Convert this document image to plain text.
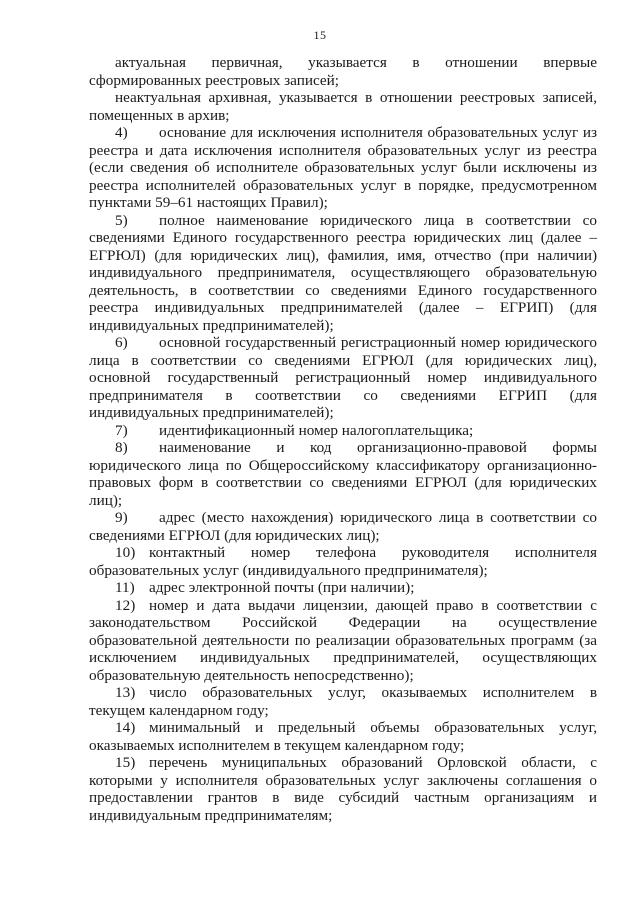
15

актуальная первичная, указывается в отношении впервые сформированных реестровых записей;

неактуальная архивная, указывается в отношении реестровых записей, помещенных в архив;

4) основание для исключения исполнителя образовательных услуг из реестра и дата исключения исполнителя образовательных услуг из реестра (если сведения об исполнителе образовательных услуг были исключены из реестра исполнителей образовательных услуг в порядке, предусмотренном пунктами 59–61 настоящих Правил);

5) полное наименование юридического лица в соответствии со сведениями Единого государственного реестра юридических лиц (далее – ЕГРЮЛ) (для юридических лиц), фамилия, имя, отчество (при наличии) индивидуального предпринимателя, осуществляющего образовательную деятельность, в соответствии со сведениями Единого государственного реестра индивидуальных предпринимателей (далее – ЕГРИП) (для индивидуальных предпринимателей);

6) основной государственный регистрационный номер юридического лица в соответствии со сведениями ЕГРЮЛ (для юридических лиц), основной государственный регистрационный номер индивидуального предпринимателя в соответствии со сведениями ЕГРИП (для индивидуальных предпринимателей);

7) идентификационный номер налогоплательщика;

8) наименование и код организационно-правовой формы юридического лица по Общероссийскому классификатору организационно-правовых форм в соответствии со сведениями ЕГРЮЛ (для юридических лиц);

9) адрес (место нахождения) юридического лица в соответствии со сведениями ЕГРЮЛ (для юридических лиц);

10) контактный номер телефона руководителя исполнителя образовательных услуг (индивидуального предпринимателя);

11) адрес электронной почты (при наличии);

12) номер и дата выдачи лицензии, дающей право в соответствии с законодательством Российской Федерации на осуществление образовательной деятельности по реализации образовательных программ (за исключением индивидуальных предпринимателей, осуществляющих образовательную деятельность непосредственно);

13) число образовательных услуг, оказываемых исполнителем в текущем календарном году;

14) минимальный и предельный объемы образовательных услуг, оказываемых исполнителем в текущем календарном году;

15) перечень муниципальных образований Орловской области, с которыми у исполнителя образовательных услуг заключены соглашения о предоставлении грантов в виде субсидий частным организациям и индивидуальным предпринимателям;
